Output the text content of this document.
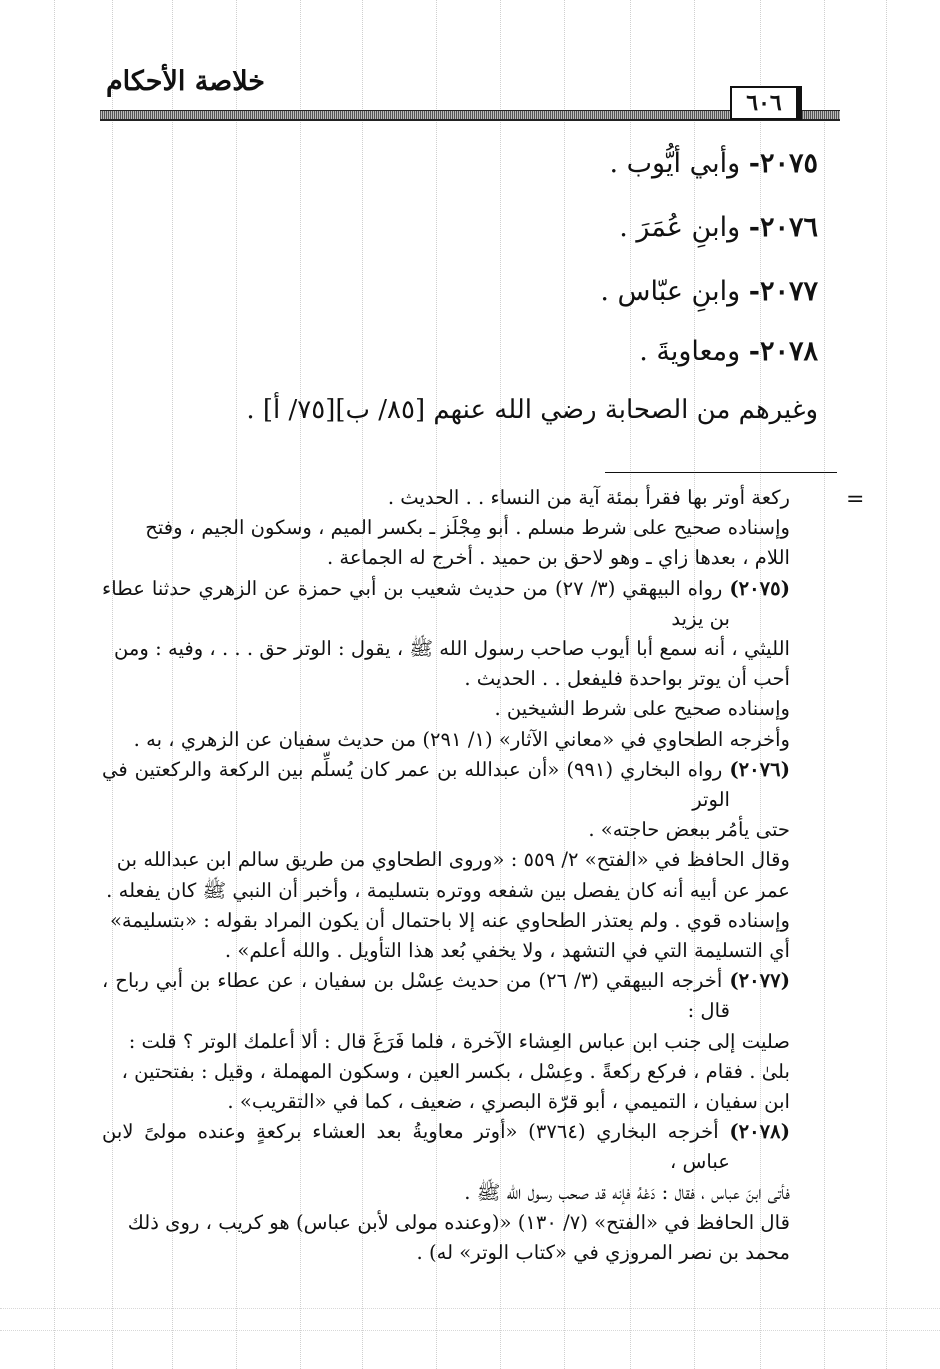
خلاصة الأحكام
٦٠٦
٢٠٧٥- وأبي أيُّوب .
٢٠٧٦- وابنِ عُمَرَ .
٢٠٧٧- وابنِ عبّاس .
٢٠٧٨- ومعاويةَ .
وغيرهم من الصحابة رضي الله عنهم [٨٥/ ب][٧٥/ أ] .
=

ركعة أوتر بها فقرأ بمئة آية من النساء . . الحديث .

وإسناده صحيح على شرط مسلم . أبو مِجْلَز ـ بكسر الميم ، وسكون الجيم ، وفتح

اللام ، بعدها زاي ـ وهو لاحق بن حميد . أخرج له الجماعة .

(٢٠٧٥) رواه البيهقي (٣/ ٢٧) من حديث شعيب بن أبي حمزة عن الزهري حدثنا عطاء بن يزيد

الليثي ، أنه سمع أبا أيوب صاحب رسول الله ﷺ ، يقول : الوتر حق . . . ، وفيه : ومن

أحب أن يوتر بواحدة فليفعل . . الحديث .

وإسناده صحيح على شرط الشيخين .

وأخرجه الطحاوي في «معاني الآثار» (١/ ٢٩١) من حديث سفيان عن الزهري ، به .

(٢٠٧٦) رواه البخاري (٩٩١) «أن عبدالله بن عمر كان يُسلِّم بين الركعة والركعتين في الوتر

حتى يأمُر ببعض حاجته» .

وقال الحافظ في «الفتح» ٢/ ٥٥٩ : «وروى الطحاوي من طريق سالم ابن عبدالله بن

عمر عن أبيه أنه كان يفصل بين شفعه ووتره بتسليمة ، وأخبر أن النبي ﷺ كان يفعله .

وإسناده قوي . ولم يعتذر الطحاوي عنه إلا باحتمال أن يكون المراد بقوله : «بتسليمة»

أي التسليمة التي في التشهد ، ولا يخفي بُعد هذا التأويل . والله أعلم» .

(٢٠٧٧) أخرجه البيهقي (٣/ ٢٦) من حديث عِسْل بن سفيان ، عن عطاء بن أبي رباح ، قال :

صليت إلى جنب ابن عباس العِشاء الآخرة ، فلما فَرَغَ قال : ألا أعلمك الوتر ؟ قلت :

بلىٰ . فقام ، فركع ركعةً . وعِسْل ، بكسر العين ، وسكون المهملة ، وقيل : بفتحتين ،

ابن سفيان ، التميمي ، أبو قرّة البصري ، ضعيف ، كما في «التقريب» .

(٢٠٧٨) أخرجه البخاري (٣٧٦٤) «أوتر معاويةُ بعد العشاء بركعةٍ وعنده مولىً لابن عباس ،

فأتى ابنَ عباس ، فقال : دَعْهُ فإنه قد صحب رسول الله ﷺ .

قال الحافظ في «الفتح» (٧/ ١٣٠) «(وعنده مولى لأبن عباس) هو كريب ، روى ذلك

محمد بن نصر المروزي في «كتاب الوتر» له) .
